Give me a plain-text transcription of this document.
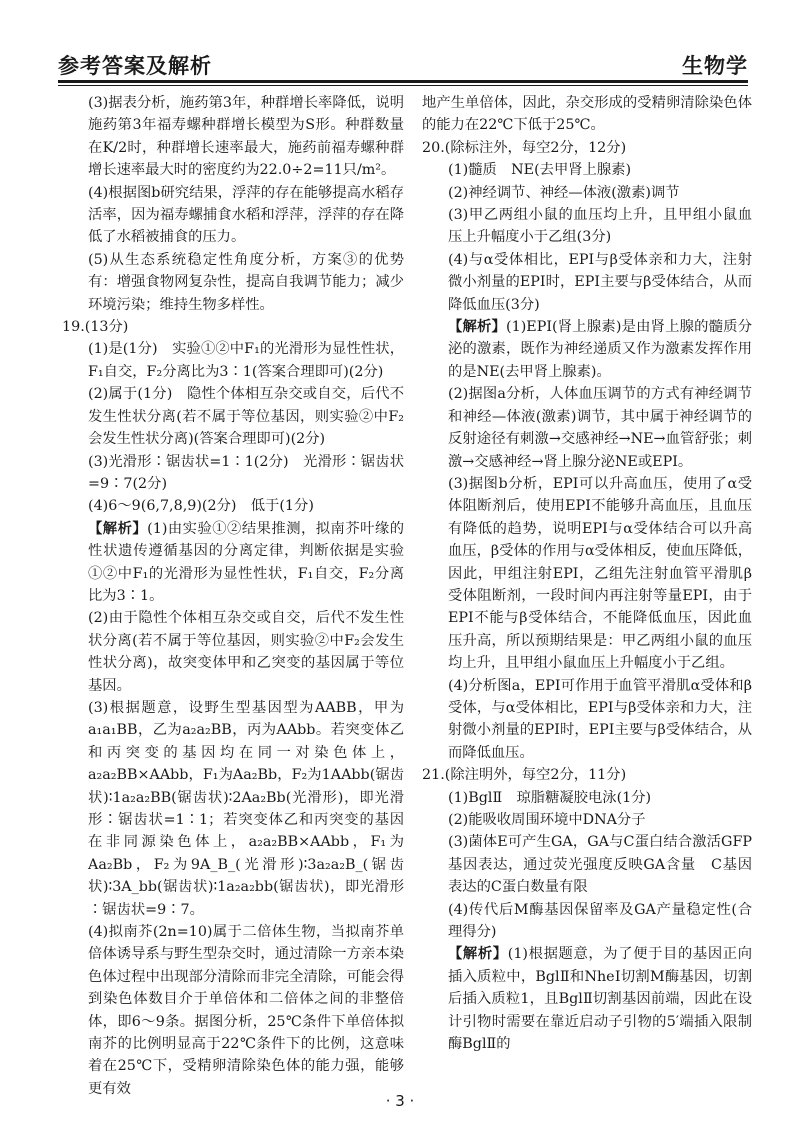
参考答案及解析	生物学

(3)据表分析，施药第3年，种群增长率降低，说明施药第3年福寿螺种群增长模型为S形。种群数量在K/2时，种群增长速率最大，施药前福寿螺种群增长速率最大时的密度约为22.0÷2=11只/m²。

(4)根据图b研究结果，浮萍的存在能够提高水稻存活率，因为福寿螺捕食水稻和浮萍，浮萍的存在降低了水稻被捕食的压力。

(5)从生态系统稳定性角度分析，方案③的优势有：增强食物网复杂性，提高自我调节能力；减少环境污染；维持生物多样性。

19.(13分)

(1)是(1分)　实验①②中F₁的光滑形为显性性状，F₁自交，F₂分离比为3∶1(答案合理即可)(2分)

(2)属于(1分)　隐性个体相互杂交或自交，后代不发生性状分离(若不属于等位基因，则实验②中F₂会发生性状分离)(答案合理即可)(2分)

(3)光滑形∶锯齿状=1∶1(2分)　光滑形∶锯齿状=9∶7(2分)

(4)6～9(6,7,8,9)(2分)　低于(1分)

【解析】(1)由实验①②结果推测，拟南芥叶缘的性状遗传遵循基因的分离定律，判断依据是实验①②中F₁的光滑形为显性性状，F₁自交，F₂分离比为3∶1。

(2)由于隐性个体相互杂交或自交，后代不发生性状分离(若不属于等位基因，则实验②中F₂会发生性状分离)，故突变体甲和乙突变的基因属于等位基因。

(3)根据题意，设野生型基因型为AABB，甲为a₁a₁BB，乙为a₂a₂BB，丙为AAbb。若突变体乙和丙突变的基因均在同一对染色体上，a₂a₂BB×AAbb，F₁为Aa₂Bb，F₂为1AAbb(锯齿状)∶1a₂a₂BB(锯齿状)∶2Aa₂Bb(光滑形)，即光滑形∶锯齿状=1∶1；若突变体乙和丙突变的基因在非同源染色体上，a₂a₂BB×AAbb，F₁为Aa₂Bb，F₂为9A_B_(光滑形)∶3a₂a₂B_(锯齿状)∶3A_bb(锯齿状)∶1a₂a₂bb(锯齿状)，即光滑形∶锯齿状=9∶7。

(4)拟南芥(2n=10)属于二倍体生物，当拟南芥单倍体诱导系与野生型杂交时，通过清除一方亲本染色体过程中出现部分清除而非完全清除，可能会得到染色体数目介于单倍体和二倍体之间的非整倍体，即6～9条。据图分析，25℃条件下单倍体拟南芥的比例明显高于22℃条件下的比例，这意味着在25℃下，受精卵清除染色体的能力强，能够更有效

地产生单倍体，因此，杂交形成的受精卵清除染色体的能力在22℃下低于25℃。

20.(除标注外，每空2分，12分)

(1)髓质　NE(去甲肾上腺素)

(2)神经调节、神经—体液(激素)调节

(3)甲乙两组小鼠的血压均上升，且甲组小鼠血压上升幅度小于乙组(3分)

(4)与α受体相比，EPI与β受体亲和力大，注射微小剂量的EPI时，EPI主要与β受体结合，从而降低血压(3分)

【解析】(1)EPI(肾上腺素)是由肾上腺的髓质分泌的激素，既作为神经递质又作为激素发挥作用的是NE(去甲肾上腺素)。

(2)据图a分析，人体血压调节的方式有神经调节和神经—体液(激素)调节，其中属于神经调节的反射途径有刺激→交感神经→NE→血管舒张；刺激→交感神经→肾上腺分泌NE或EPI。

(3)据图b分析，EPI可以升高血压，使用了α受体阻断剂后，使用EPI不能够升高血压，且血压有降低的趋势，说明EPI与α受体结合可以升高血压，β受体的作用与α受体相反，使血压降低，因此，甲组注射EPI，乙组先注射血管平滑肌β受体阻断剂，一段时间内再注射等量EPI，由于EPI不能与β受体结合，不能降低血压，因此血压升高，所以预期结果是：甲乙两组小鼠的血压均上升，且甲组小鼠血压上升幅度小于乙组。

(4)分析图a，EPI可作用于血管平滑肌α受体和β受体，与α受体相比，EPI与β受体亲和力大，注射微小剂量的EPI时，EPI主要与β受体结合，从而降低血压。

21.(除注明外，每空2分，11分)

(1)BglⅡ　琼脂糖凝胶电泳(1分)

(2)能吸收周围环境中DNA分子

(3)菌体E可产生GA，GA与C蛋白结合激活GFP基因表达，通过荧光强度反映GA含量　C基因表达的C蛋白数量有限

(4)传代后M酶基因保留率及GA产量稳定性(合理得分)

【解析】(1)根据题意，为了便于目的基因正向插入质粒中，BglⅡ和NheⅠ切割M酶基因，切割后插入质粒1，且BglⅡ切割基因前端，因此在设计引物时需要在靠近启动子引物的5′端插入限制酶BglⅡ的

· 3 ·
